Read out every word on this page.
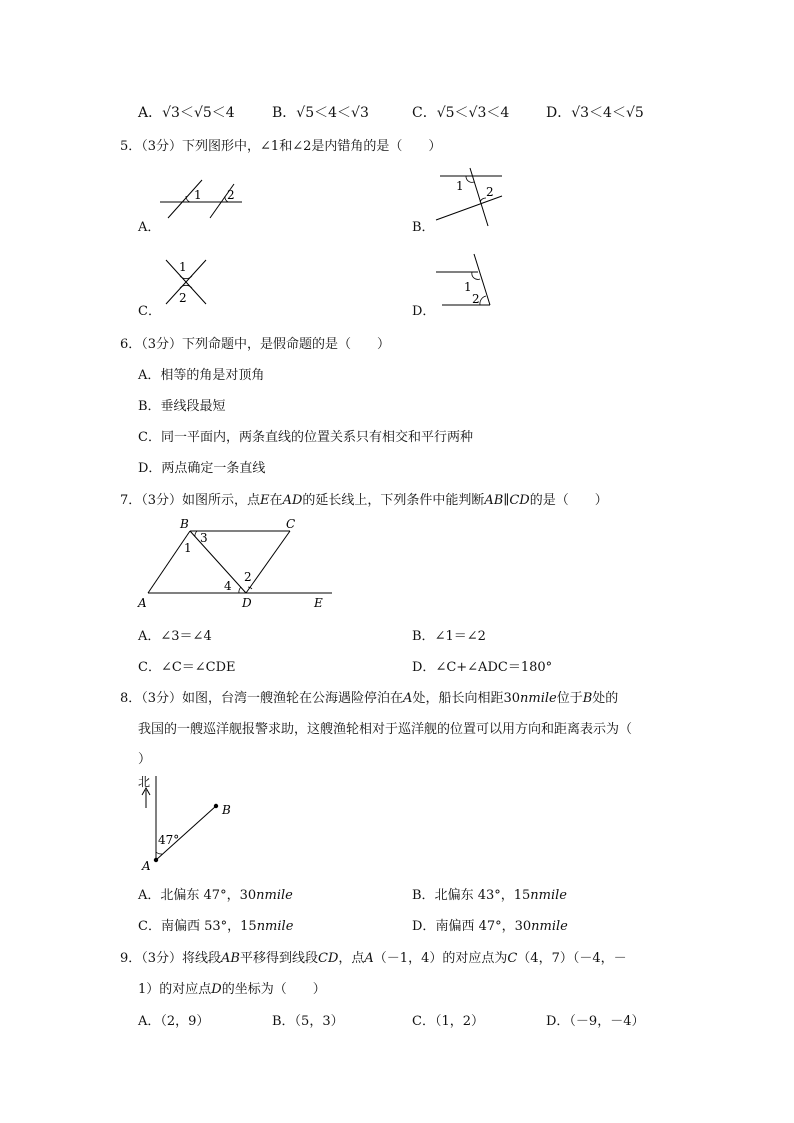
A．√3＜√5＜4	B．√5＜4＜√3	C．√5＜√3＜4	D．√3＜4＜√5
5．（3分）下列图形中，∠1和∠2是内错角的是（　　）
A．
1 2
B．
1 2
C．
1
2
D．
1
2
6．（3分）下列命题中，是假命题的是（　　）
A．相等的角是对顶角
B．垂线段最短
C．同一平面内，两条直线的位置关系只有相交和平行两种
D．两点确定一条直线
7．（3分）如图所示，点E在AD的延长线上，下列条件中能判断AB∥CD的是（　　）
B	C
A	D	E
3
1
2
4
A．∠3＝∠4	B．∠1＝∠2
C．∠C＝∠CDE	D．∠C+∠ADC＝180°
8．（3分）如图，台湾一艘渔轮在公海遇险停泊在A处，船长向相距30nmile位于B处的
我国的一艘巡洋舰报警求助，这艘渔轮相对于巡洋舰的位置可以用方向和距离表示为（
）
北
47°
A
B
A．北偏东 47°，30nmile	B．北偏东 43°，15nmile
C．南偏西 53°，15nmile	D．南偏西 47°，30nmile
9．（3分）将线段AB平移得到线段CD，点A（－1，4）的对应点为C（4，7）（－4，－
1）的对应点D的坐标为（　　）
A．（2，9）	B．（5，3）	C．（1，2）	D．（－9，－4）
